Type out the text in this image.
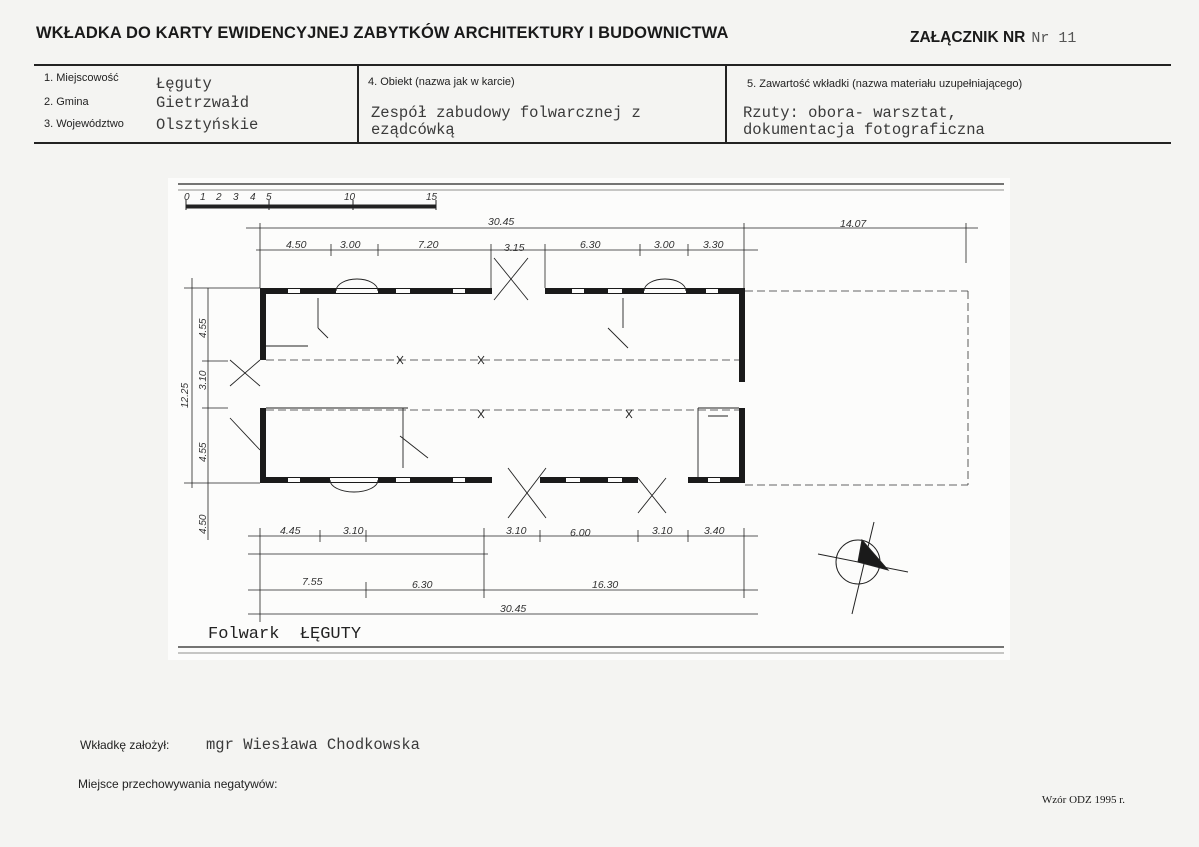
WKŁADKA DO KARTY EWIDENCYJNEJ ZABYTKÓW ARCHITEKTURY I BUDOWNICTWA	ZAŁĄCZNIK NR Nr 11
1. Miejscowość Łęguty
2. Gmina	Gietrzwałd
3. Województwo Olsztyńskie
4. Obiekt (nazwa jak w karcie)
Zespół zabudowy folwarcznej z
eządcówką
5. Zawartość wkładki (nazwa materiału uzupełniającego)
Rzuty: obora- warsztat,
dokumentacja fotograficzna
0 1 2 3 4 5	10	15
30.45	14.07
4.50	3.00	7.20	3.15	6.30	3.00	3.30
4.55
3.10
4.55
12.25
4.50	4.45	3.10	3.10	6.00	3.10	3.40
7.55	6.30	16.30
30.45
Folwark  ŁĘGUTY
Wkładkę założył: mgr Wiesława Chodkowska
Miejsce przechowywania negatywów:
Wzór ODZ 1995 r.
